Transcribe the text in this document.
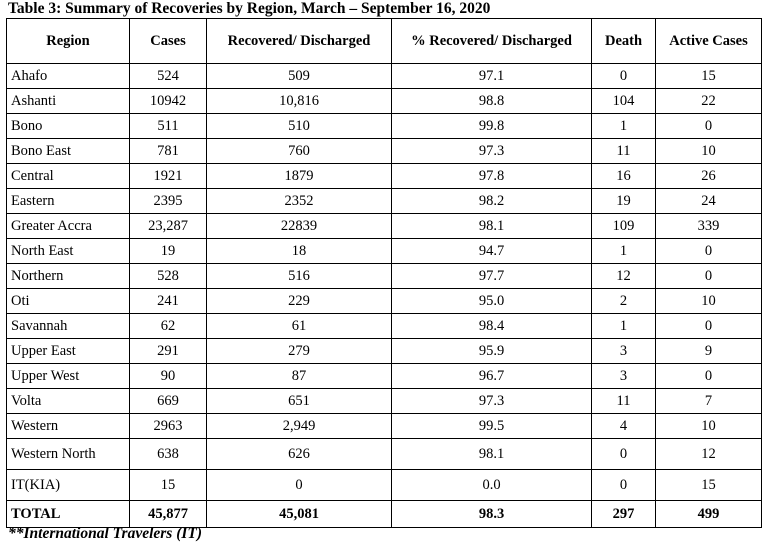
Table 3: Summary of Recoveries by Region, March – September 16, 2020
Region	Cases	Recovered/ Discharged	% Recovered/ Discharged	Death	Active Cases
Ahafo	524	509	97.1	0	15
Ashanti	10942	10,816	98.8	104	22
Bono	511	510	99.8	1	0
Bono East	781	760	97.3	11	10
Central	1921	1879	97.8	16	26
Eastern	2395	2352	98.2	19	24
Greater Accra	23,287	22839	98.1	109	339
North East	19	18	94.7	1	0
Northern	528	516	97.7	12	0
Oti	241	229	95.0	2	10
Savannah	62	61	98.4	1	0
Upper East	291	279	95.9	3	9
Upper West	90	87	96.7	3	0
Volta	669	651	97.3	11	7
Western	2963	2,949	99.5	4	10
Western North	638	626	98.1	0	12
IT(KIA)	15	0	0.0	0	15
TOTAL	45,877	45,081	98.3	297	499
**International Travelers (IT)
